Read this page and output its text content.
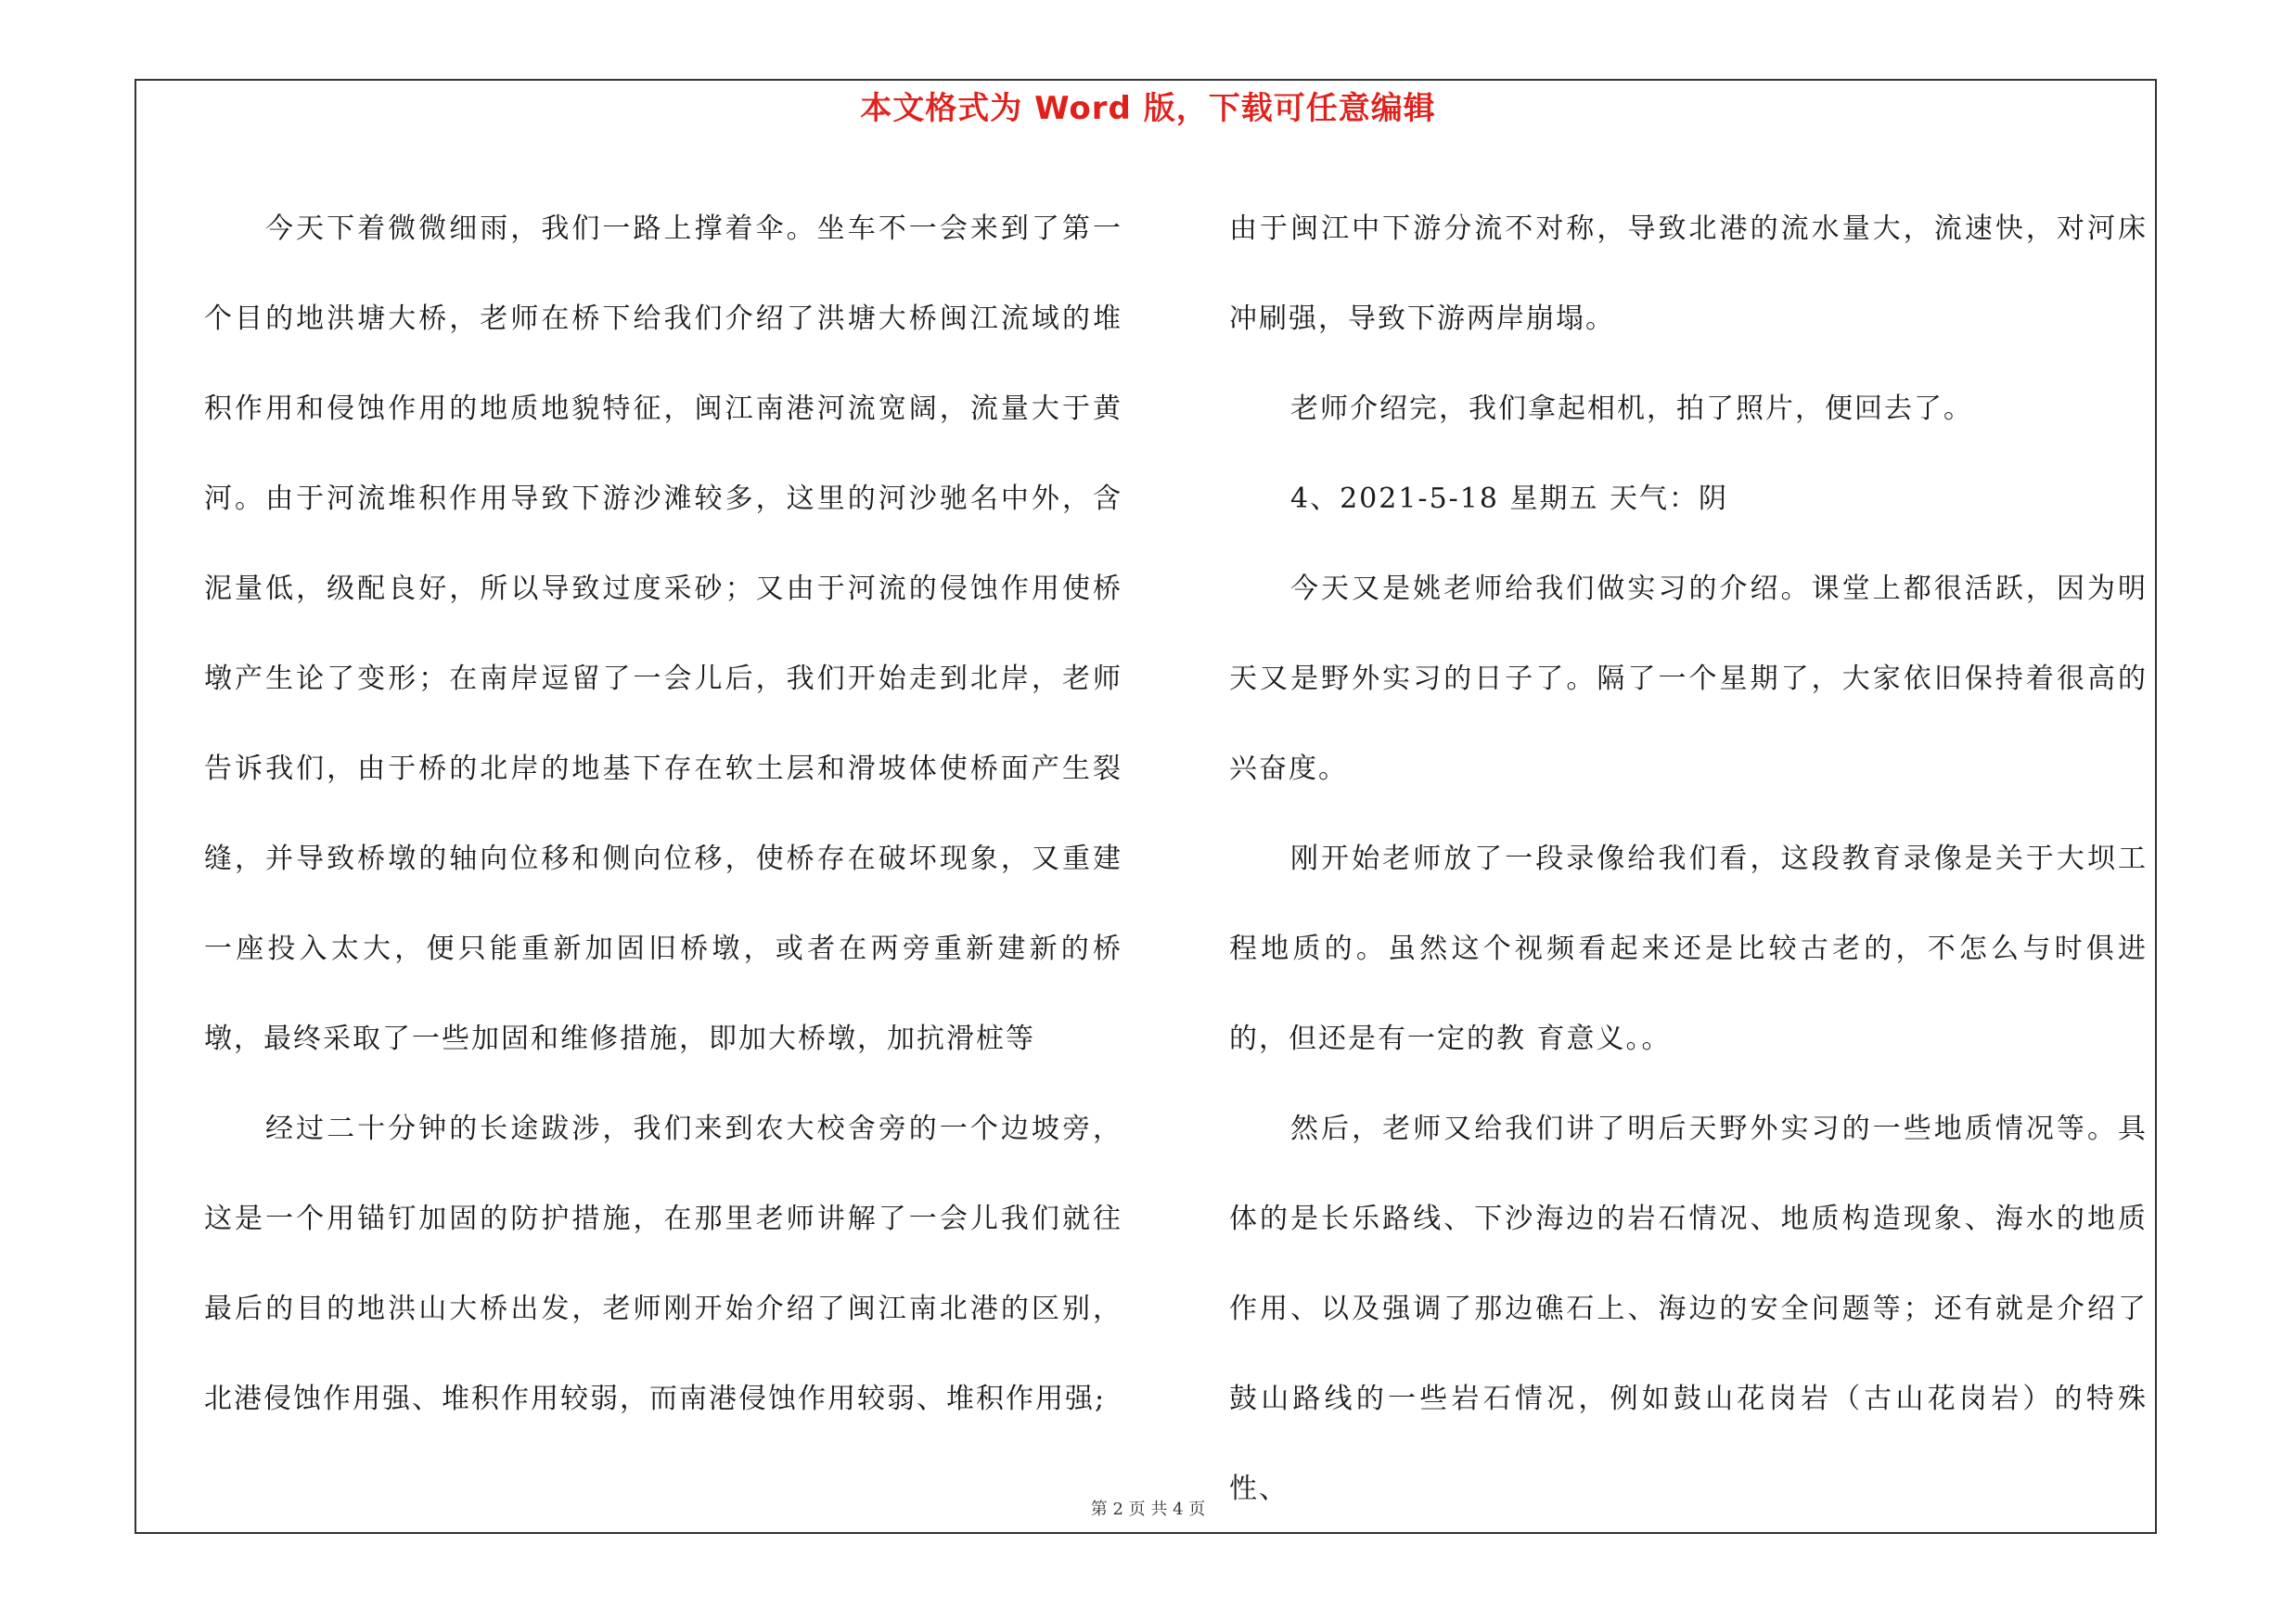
本文格式为 Word 版，下载可任意编辑

今天下着微微细雨，我们一路上撑着伞。坐车不一会来到了第一个目的地洪塘大桥，老师在桥下给我们介绍了洪塘大桥闽江流域的堆积作用和侵蚀作用的地质地貌特征，闽江南港河流宽阔，流量大于黄河。由于河流堆积作用导致下游沙滩较多，这里的河沙驰名中外，含泥量低，级配良好，所以导致过度采砂；又由于河流的侵蚀作用使桥墩产生论了变形；在南岸逗留了一会儿后，我们开始走到北岸，老师告诉我们，由于桥的北岸的地基下存在软土层和滑坡体使桥面产生裂缝，并导致桥墩的轴向位移和侧向位移，使桥存在破坏现象，又重建一座投入太大，便只能重新加固旧桥墩，或者在两旁重新建新的桥墩，最终采取了一些加固和维修措施，即加大桥墩，加抗滑桩等

经过二十分钟的长途跋涉，我们来到农大校舍旁的一个边坡旁，这是一个用锚钉加固的防护措施，在那里老师讲解了一会儿我们就往最后的目的地洪山大桥出发，老师刚开始介绍了闽江南北港的区别，北港侵蚀作用强、堆积作用较弱，而南港侵蚀作用较弱、堆积作用强;

由于闽江中下游分流不对称，导致北港的流水量大，流速快，对河床冲刷强，导致下游两岸崩塌。

老师介绍完，我们拿起相机，拍了照片，便回去了。

4、2021-5-18 星期五 天气：阴

今天又是姚老师给我们做实习的介绍。课堂上都很活跃，因为明天又是野外实习的日子了。隔了一个星期了，大家依旧保持着很高的兴奋度。

刚开始老师放了一段录像给我们看，这段教育录像是关于大坝工程地质的。虽然这个视频看起来还是比较古老的，不怎么与时俱进的，但还是有一定的教 育意义。。

然后，老师又给我们讲了明后天野外实习的一些地质情况等。具体的是长乐路线、下沙海边的岩石情况、地质构造现象、海水的地质作用、以及强调了那边礁石上、海边的安全问题等；还有就是介绍了鼓山路线的一些岩石情况，例如鼓山花岗岩（古山花岗岩）的特殊性、

第 2 页 共 4 页
